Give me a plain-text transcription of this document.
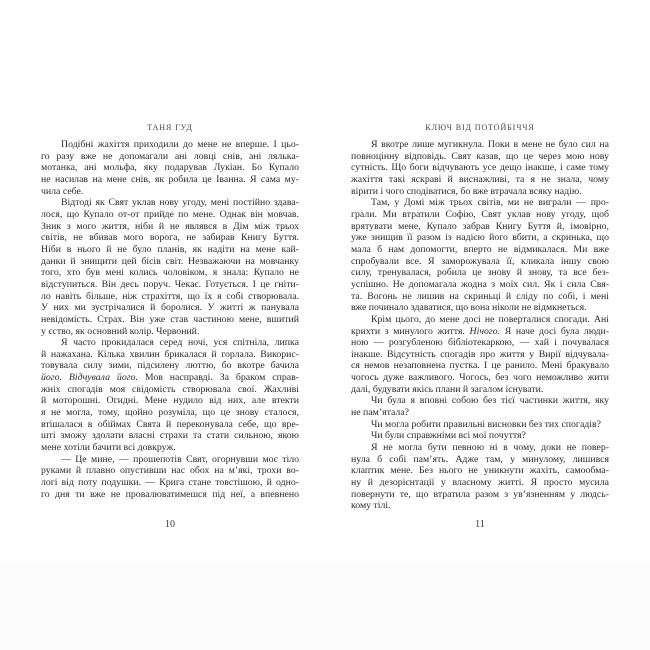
ТАНЯ ГУД
Подібні жахіття приходили до мене не вперше. І цьо-
го разу вже не допомагали ані ловці снів, ані лялька-
мотанка, ані мольфа, яку подарував Лукіан. Бо Купало
не насилав на мене снів, як робила це Іванна. Я сама му-
чила себе.
Відтоді як Свят уклав нову угоду, мені постійно здава-
лося, що Купало от-от прийде по мене. Однак він мовчав.
Зник з мого життя, ніби й не являвся в Дім між трьох
світів, не вбивав мого ворога, не забирав Книгу Буття.
Ніби в нього й не було планів, як надіти на мене кай-
данки й знищити цей бісів світ. Незважаючи на мовчанку
того, хто був мені колись чоловіком, я знала: Купало не
відступиться. Він десь поруч. Чекає. Готується. І це гніти-
ло навіть більше, ніж страхіття, що їх я собі створювала.
У них ми зустрічалися й боролися. У житті ж панувала
невідомість. Страх. Він уже став частиною мене, вшитий
у єство, як основний колір. Червоний.
Я часто прокидалася серед ночі, уся спітніла, липка
й нажахана. Кілька хвилин брикалася й горлала. Викорис-
товувала силу зими, підсилену люттю, бо вкотре бачила
його. Відчувала його. Мов насправді. За браком справ-
жніх спогадів моя свідомість створювала свої. Жахливі
й моторошні. Огидні. Мене нудило від них, але втекти
я не могла, тому, щойно розуміла, що це знову сталося,
втішалася в обіймах Свята й переконувала себе, що вре-
шті зможу здолати власні страхи та стати сильною, якою
мене хотіли бачити всі довкруж.
— Це мине, — прошепотів Свят, огорнувши моє тіло
руками й плавно опустивши нас обох на м’які, трохи во-
логі від поту подушки. — Крига стане товстішою, й одно-
го дня ти вже не провалюватимешся під неї, а впевнено
10
КЛЮЧ ВІД ПОТОЙБІЧЧЯ
Я вкотре лише мугикнула. Поки в мене не було сил на
повноцінну відповідь. Свят казав, що це через мою нову
сутність. Що боги відчувають усе дещо інакше, і саме тому
жахіття такі яскраві й виснажливі, та я не знала, чому
вірити і чого сподіватися, бо вже втрачала всяку надію.
Там, у Домі між трьох світів, ми не виграли — про-
грали. Ми втратили Софію, Свят уклав нову угоду, щоб
врятувати мене, Купало забрав Книгу Буття й, імовірно,
уже знищив її разом із надією його вбити, а скринька, що
мала б нам допомогти, вперто не відмикалася. Ми вже
спробували все. Я заморожувала її, кликала іншу свою
силу, тренувалася, робила це знову й знову, та все без-
успішно. Не допомагала жодна з моїх сил. Як і сила Свя-
та. Вогонь не лишив на скриньці й сліду по собі, і мені
вже починало здаватися, що вона ніколи не відмкнеться.
Крім цього, до мене досі не поверталися спогади. Ані
крихти з минулого життя. Нічого. Я наче досі була люди-
ною — розгубленою бібліотекаркою, — хай і почувалася
інакше. Відсутність спогадів про життя у Вирії відчувала-
ся немов незаповнена пустка. І це ранило. Мені бракувало
чогось дуже важливого. Чогось, без чого неможливо жити
далі, будувати якісь плани й загалом існувати.
Чи була я вповні собою без тієї частинки життя, яку
не пам’ятала?
Чи могла робити правильні висновки без тих спогадів?
Чи були справжніми всі мої почуття?
Я не могла бути певною ні в чому, доки не повер-
нула б собі пам’ять. Адже там, у минулому, лишився
клаптик мене. Без нього не уникнути жахіть, самообма-
ну й дезорієнтації у власному житті. Я просто мусила
повернути те, що втратила разом з ув’язненням у людсь-
кому тілі.
11
